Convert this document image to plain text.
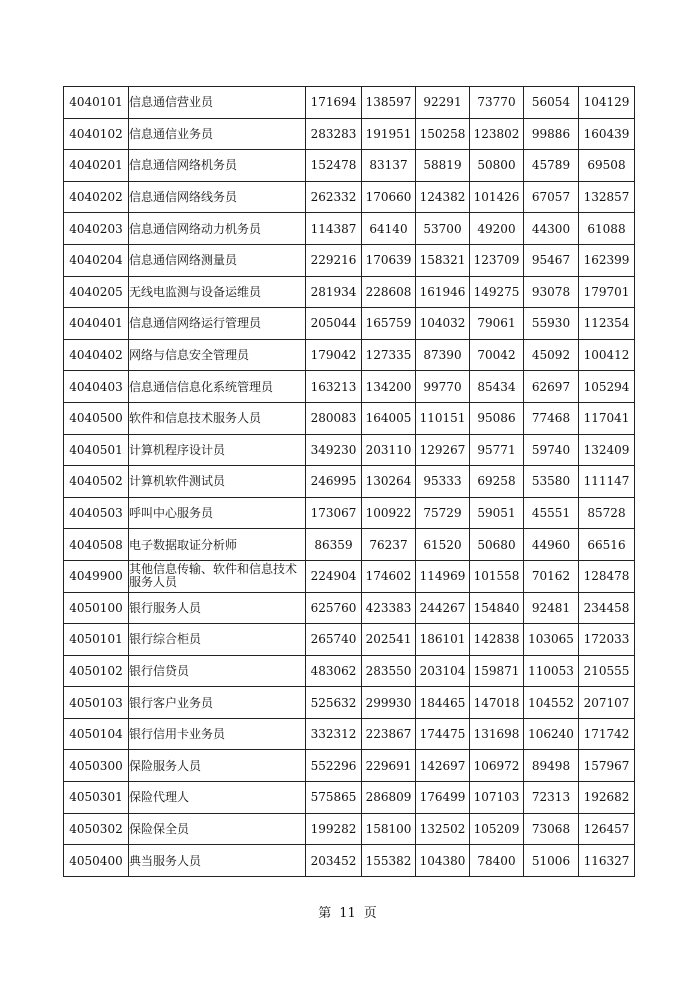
4040101	信息通信营业员	171694	138597	92291	73770	56054	104129
4040102	信息通信业务员	283283	191951	150258	123802	99886	160439
4040201	信息通信网络机务员	152478	83137	58819	50800	45789	69508
4040202	信息通信网络线务员	262332	170660	124382	101426	67057	132857
4040203	信息通信网络动力机务员	114387	64140	53700	49200	44300	61088
4040204	信息通信网络测量员	229216	170639	158321	123709	95467	162399
4040205	无线电监测与设备运维员	281934	228608	161946	149275	93078	179701
4040401	信息通信网络运行管理员	205044	165759	104032	79061	55930	112354
4040402	网络与信息安全管理员	179042	127335	87390	70042	45092	100412
4040403	信息通信信息化系统管理员	163213	134200	99770	85434	62697	105294
4040500	软件和信息技术服务人员	280083	164005	110151	95086	77468	117041
4040501	计算机程序设计员	349230	203110	129267	95771	59740	132409
4040502	计算机软件测试员	246995	130264	95333	69258	53580	111147
4040503	呼叫中心服务员	173067	100922	75729	59051	45551	85728
4040508	电子数据取证分析师	86359	76237	61520	50680	44960	66516
4049900	其他信息传输、软件和信息技术服务人员	224904	174602	114969	101558	70162	128478
4050100	银行服务人员	625760	423383	244267	154840	92481	234458
4050101	银行综合柜员	265740	202541	186101	142838	103065	172033
4050102	银行信贷员	483062	283550	203104	159871	110053	210555
4050103	银行客户业务员	525632	299930	184465	147018	104552	207107
4050104	银行信用卡业务员	332312	223867	174475	131698	106240	171742
4050300	保险服务人员	552296	229691	142697	106972	89498	157967
4050301	保险代理人	575865	286809	176499	107103	72313	192682
4050302	保险保全员	199282	158100	132502	105209	73068	126457
4050400	典当服务人员	203452	155382	104380	78400	51006	116327
第 11 页
